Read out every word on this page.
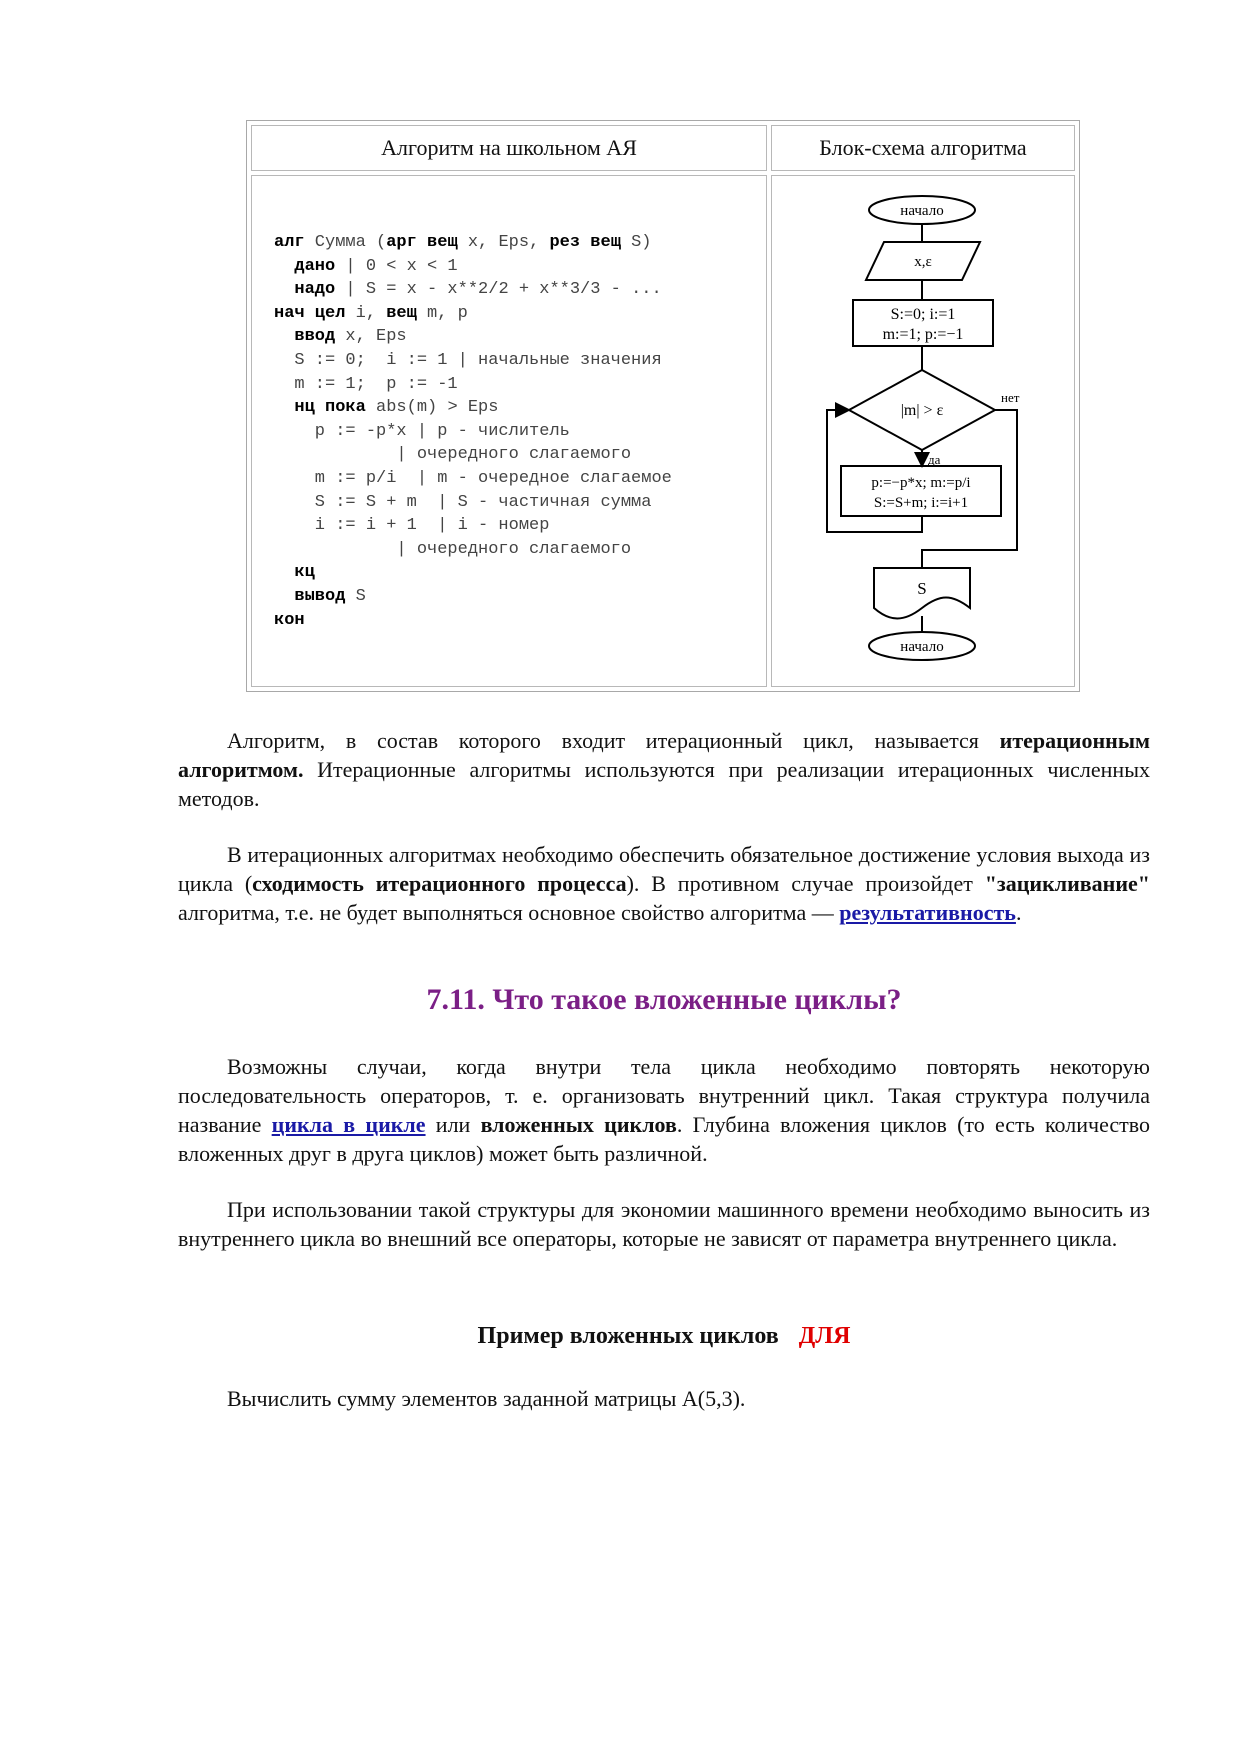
Алгоритм на школьном АЯ	Блок-схема алгоритма
алг Сумма (арг вещ x, Eps, рез вещ S)
дано | 0 < x < 1
надо | S = x - x**2/2 + x**3/3 - ...
нач цел i, вещ m, p
ввод x, Eps
S := 0;  i := 1 | начальные значения
m := 1;  p := -1
нц пока abs(m) > Eps
p := -p*x | p - числитель
| очередного слагаемого
m := p/i  | m - очередное слагаемое
S := S + m  | S - частичная сумма
i := i + 1  | i - номер
| очередного слагаемого
кц
вывод S
кон
начало
x,ε
S:=0; i:=1
m:=1; p:=−1
|m| > ε
нет
да
p:=−p*x; m:=p/i
S:=S+m; i:=i+1
S
начало

Алгоритм, в состав которого входит итерационный цикл, называется итерационным алгоритмом. Итерационные алгоритмы используются при реализации итерационных численных методов.

В итерационных алгоритмах необходимо обеспечить обязательное достижение условия выхода из цикла (сходимость итерационного процесса). В противном случае произойдет "зацикливание" алгоритма, т.е. не будет выполняться основное свойство алгоритма — результативность.

7.11. Что такое вложенные циклы?

Возможны случаи, когда внутри тела цикла необходимо повторять некоторую последовательность операторов, т. е. организовать внутренний цикл. Такая структура получила название цикла в цикле или вложенных циклов. Глубина вложения циклов (то есть количество вложенных друг в друга циклов) может быть различной.

При использовании такой структуры для экономии машинного времени необходимо выносить из внутреннего цикла во внешний все операторы, которые не зависят от параметра внутреннего цикла.

Пример вложенных циклов ДЛЯ

Вычислить сумму элементов заданной матрицы A(5,3).
